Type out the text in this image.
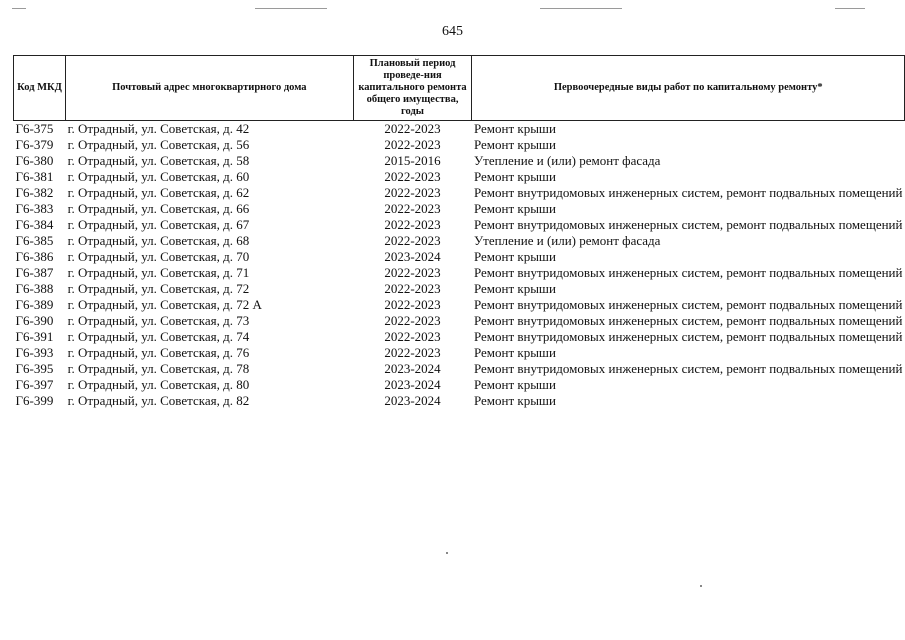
645
Код МКД	Почтовый адрес многоквартирного дома	Плановый период проведе-ния капитального ремонта общего имущества, годы	Первоочередные виды работ по капитальному ремонту*
Г6-375	г. Отрадный, ул. Советская, д. 42	2022-2023	Ремонт крыши
Г6-379	г. Отрадный, ул. Советская, д. 56	2022-2023	Ремонт крыши
Г6-380	г. Отрадный, ул. Советская, д. 58	2015-2016	Утепление и (или) ремонт фасада
Г6-381	г. Отрадный, ул. Советская, д. 60	2022-2023	Ремонт крыши
Г6-382	г. Отрадный, ул. Советская, д. 62	2022-2023	Ремонт внутридомовых инженерных систем, ремонт подвальных помещений
Г6-383	г. Отрадный, ул. Советская, д. 66	2022-2023	Ремонт крыши
Г6-384	г. Отрадный, ул. Советская, д. 67	2022-2023	Ремонт внутридомовых инженерных систем, ремонт подвальных помещений
Г6-385	г. Отрадный, ул. Советская, д. 68	2022-2023	Утепление и (или) ремонт фасада
Г6-386	г. Отрадный, ул. Советская, д. 70	2023-2024	Ремонт крыши
Г6-387	г. Отрадный, ул. Советская, д. 71	2022-2023	Ремонт внутридомовых инженерных систем, ремонт подвальных помещений
Г6-388	г. Отрадный, ул. Советская, д. 72	2022-2023	Ремонт крыши
Г6-389	г. Отрадный, ул. Советская, д. 72 А	2022-2023	Ремонт внутридомовых инженерных систем, ремонт подвальных помещений
Г6-390	г. Отрадный, ул. Советская, д. 73	2022-2023	Ремонт внутридомовых инженерных систем, ремонт подвальных помещений
Г6-391	г. Отрадный, ул. Советская, д. 74	2022-2023	Ремонт внутридомовых инженерных систем, ремонт подвальных помещений
Г6-393	г. Отрадный, ул. Советская, д. 76	2022-2023	Ремонт крыши
Г6-395	г. Отрадный, ул. Советская, д. 78	2023-2024	Ремонт внутридомовых инженерных систем, ремонт подвальных помещений
Г6-397	г. Отрадный, ул. Советская, д. 80	2023-2024	Ремонт крыши
Г6-399	г. Отрадный, ул. Советская, д. 82	2023-2024	Ремонт крыши
